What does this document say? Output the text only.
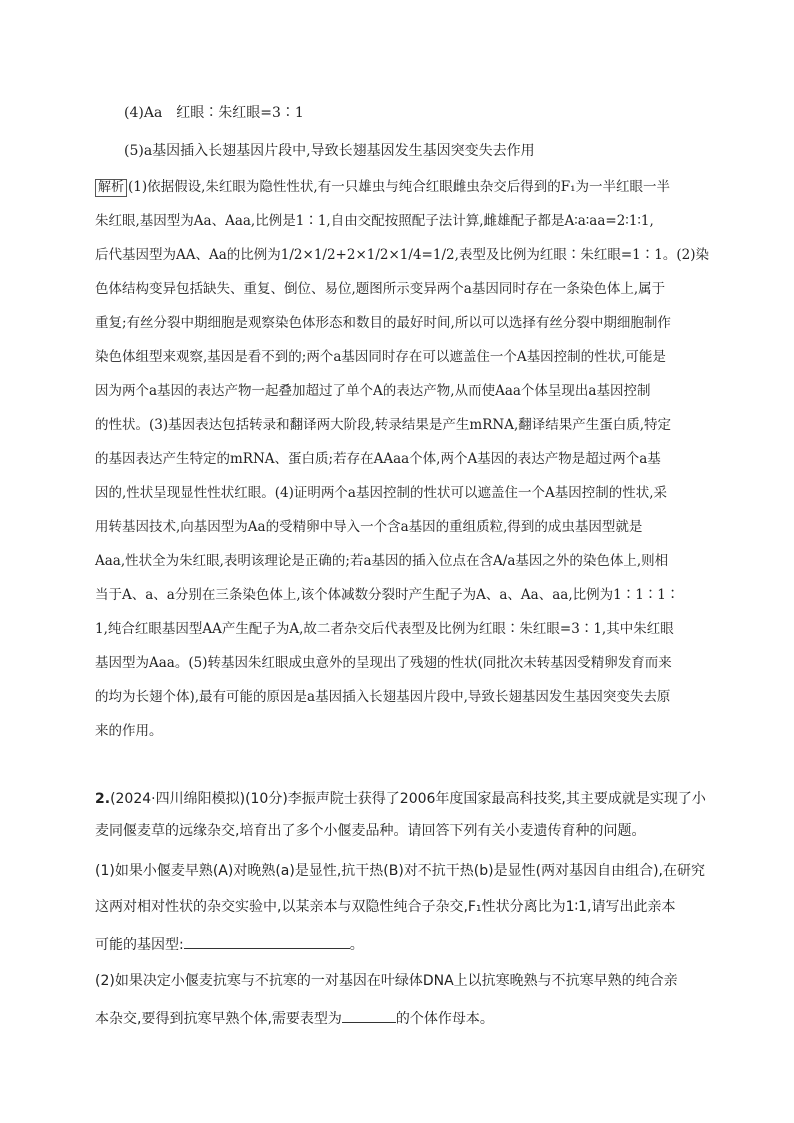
(4)Aa　红眼∶朱红眼=3∶1
(5)a基因插入长翅基因片段中,导致长翅基因发生基因突变失去作用
解析 (1)依据假设,朱红眼为隐性性状,有一只雄虫与纯合红眼雌虫杂交后得到的F₁为一半红眼一半
朱红眼,基因型为Aa、Aaa,比例是1∶1,自由交配按照配子法计算,雌雄配子都是A∶a∶aa=2∶1∶1,
后代基因型为AA、Aa的比例为1/2×1/2+2×1/2×1/4=1/2,表型及比例为红眼∶朱红眼=1∶1。(2)染
色体结构变异包括缺失、重复、倒位、易位,题图所示变异两个a基因同时存在一条染色体上,属于
重复;有丝分裂中期细胞是观察染色体形态和数目的最好时间,所以可以选择有丝分裂中期细胞制作
染色体组型来观察,基因是看不到的;两个a基因同时存在可以遮盖住一个A基因控制的性状,可能是
因为两个a基因的表达产物一起叠加超过了单个A的表达产物,从而使Aaa个体呈现出a基因控制
的性状。(3)基因表达包括转录和翻译两大阶段,转录结果是产生mRNA,翻译结果产生蛋白质,特定
的基因表达产生特定的mRNA、蛋白质;若存在AAaa个体,两个A基因的表达产物是超过两个a基
因的,性状呈现显性性状红眼。(4)证明两个a基因控制的性状可以遮盖住一个A基因控制的性状,采
用转基因技术,向基因型为Aa的受精卵中导入一个含a基因的重组质粒,得到的成虫基因型就是
Aaa,性状全为朱红眼,表明该理论是正确的;若a基因的插入位点在含A/a基因之外的染色体上,则相
当于A、a、a分别在三条染色体上,该个体减数分裂时产生配子为A、a、Aa、aa,比例为1∶1∶1∶
1,纯合红眼基因型AA产生配子为A,故二者杂交后代表型及比例为红眼∶朱红眼=3∶1,其中朱红眼
基因型为Aaa。(5)转基因朱红眼成虫意外的呈现出了残翅的性状(同批次未转基因受精卵发育而来
的均为长翅个体),最有可能的原因是a基因插入长翅基因片段中,导致长翅基因发生基因突变失去原
来的作用。
2.(2024·四川绵阳模拟)(10分)李振声院士获得了2006年度国家最高科技奖,其主要成就是实现了小
麦同偃麦草的远缘杂交,培育出了多个小偃麦品种。请回答下列有关小麦遗传育种的问题。
(1)如果小偃麦早熟(A)对晚熟(a)是显性,抗干热(B)对不抗干热(b)是显性(两对基因自由组合),在研究
这两对相对性状的杂交实验中,以某亲本与双隐性纯合子杂交,F₁性状分离比为1∶1,请写出此亲本
可能的基因型:	。
(2)如果决定小偃麦抗寒与不抗寒的一对基因在叶绿体DNA上以抗寒晚熟与不抗寒早熟的纯合亲
本杂交,要得到抗寒早熟个体,需要表型为	的个体作母本。
